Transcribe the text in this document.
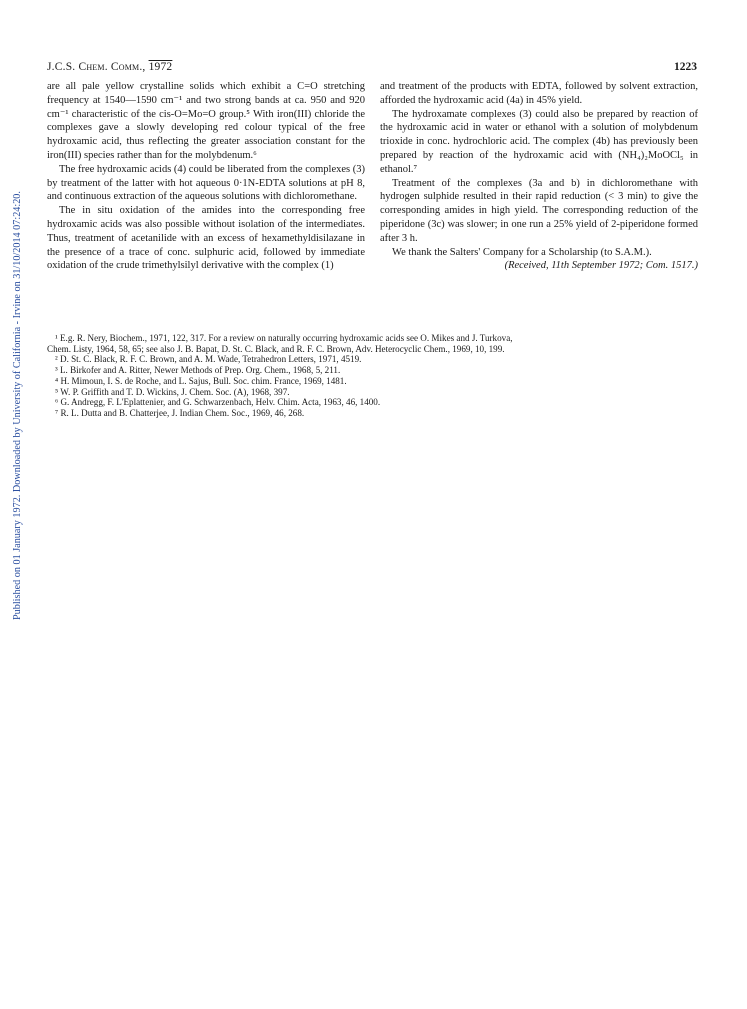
Published on 01 January 1972. Downloaded by University of California - Irvine on 31/10/2014 07:24:20.
J.C.S. Chem. Comm., 1972	1223

are all pale yellow crystalline solids which exhibit a C=O stretching frequency at 1540—1590 cm⁻¹ and two strong bands at ca. 950 and 920 cm⁻¹ characteristic of the cis-O=Mo=O group.⁵ With iron(III) chloride the complexes gave a slowly developing red colour typical of the free hydroxamic acid, thus reflecting the greater association constant for the iron(III) species rather than for the molybdenum.⁶

The free hydroxamic acids (4) could be liberated from the complexes (3) by treatment of the latter with hot aqueous 0·1N-EDTA solutions at pH 8, and continuous extraction of the aqueous solutions with dichloromethane.

The in situ oxidation of the amides into the corresponding free hydroxamic acids was also possible without isolation of the intermediates. Thus, treatment of acetanilide with an excess of hexamethyldisilazane in the presence of a trace of conc. sulphuric acid, followed by immediate oxidation of the crude trimethylsilyl derivative with the complex (1)

and treatment of the products with EDTA, followed by solvent extraction, afforded the hydroxamic acid (4a) in 45% yield.

The hydroxamate complexes (3) could also be prepared by reaction of the hydroxamic acid in water or ethanol with a solution of molybdenum trioxide in conc. hydrochloric acid. The complex (4b) has previously been prepared by reaction of the hydroxamic acid with (NH₄)₂MoOCl₅ in ethanol.⁷

Treatment of the complexes (3a and b) in dichloromethane with hydrogen sulphide resulted in their rapid reduction (< 3 min) to give the corresponding amides in high yield. The corresponding reduction of the piperidone (3c) was slower; in one run a 25% yield of 2-piperidone formed after 3 h.

We thank the Salters' Company for a Scholarship (to S.A.M.).

(Received, 11th September 1972; Com. 1517.)

¹ E.g. R. Nery, Biochem., 1971, 122, 317. For a review on naturally occurring hydroxamic acids see O. Mikes and J. Turkova,

Chem. Listy, 1964, 58, 65; see also J. B. Bapat, D. St. C. Black, and R. F. C. Brown, Adv. Heterocyclic Chem., 1969, 10, 199.

² D. St. C. Black, R. F. C. Brown, and A. M. Wade, Tetrahedron Letters, 1971, 4519.

³ L. Birkofer and A. Ritter, Newer Methods of Prep. Org. Chem., 1968, 5, 211.

⁴ H. Mimoun, I. S. de Roche, and L. Sajus, Bull. Soc. chim. France, 1969, 1481.

⁵ W. P. Griffith and T. D. Wickins, J. Chem. Soc. (A), 1968, 397.

⁶ G. Andregg, F. L'Eplattenier, and G. Schwarzenbach, Helv. Chim. Acta, 1963, 46, 1400.

⁷ R. L. Dutta and B. Chatterjee, J. Indian Chem. Soc., 1969, 46, 268.
